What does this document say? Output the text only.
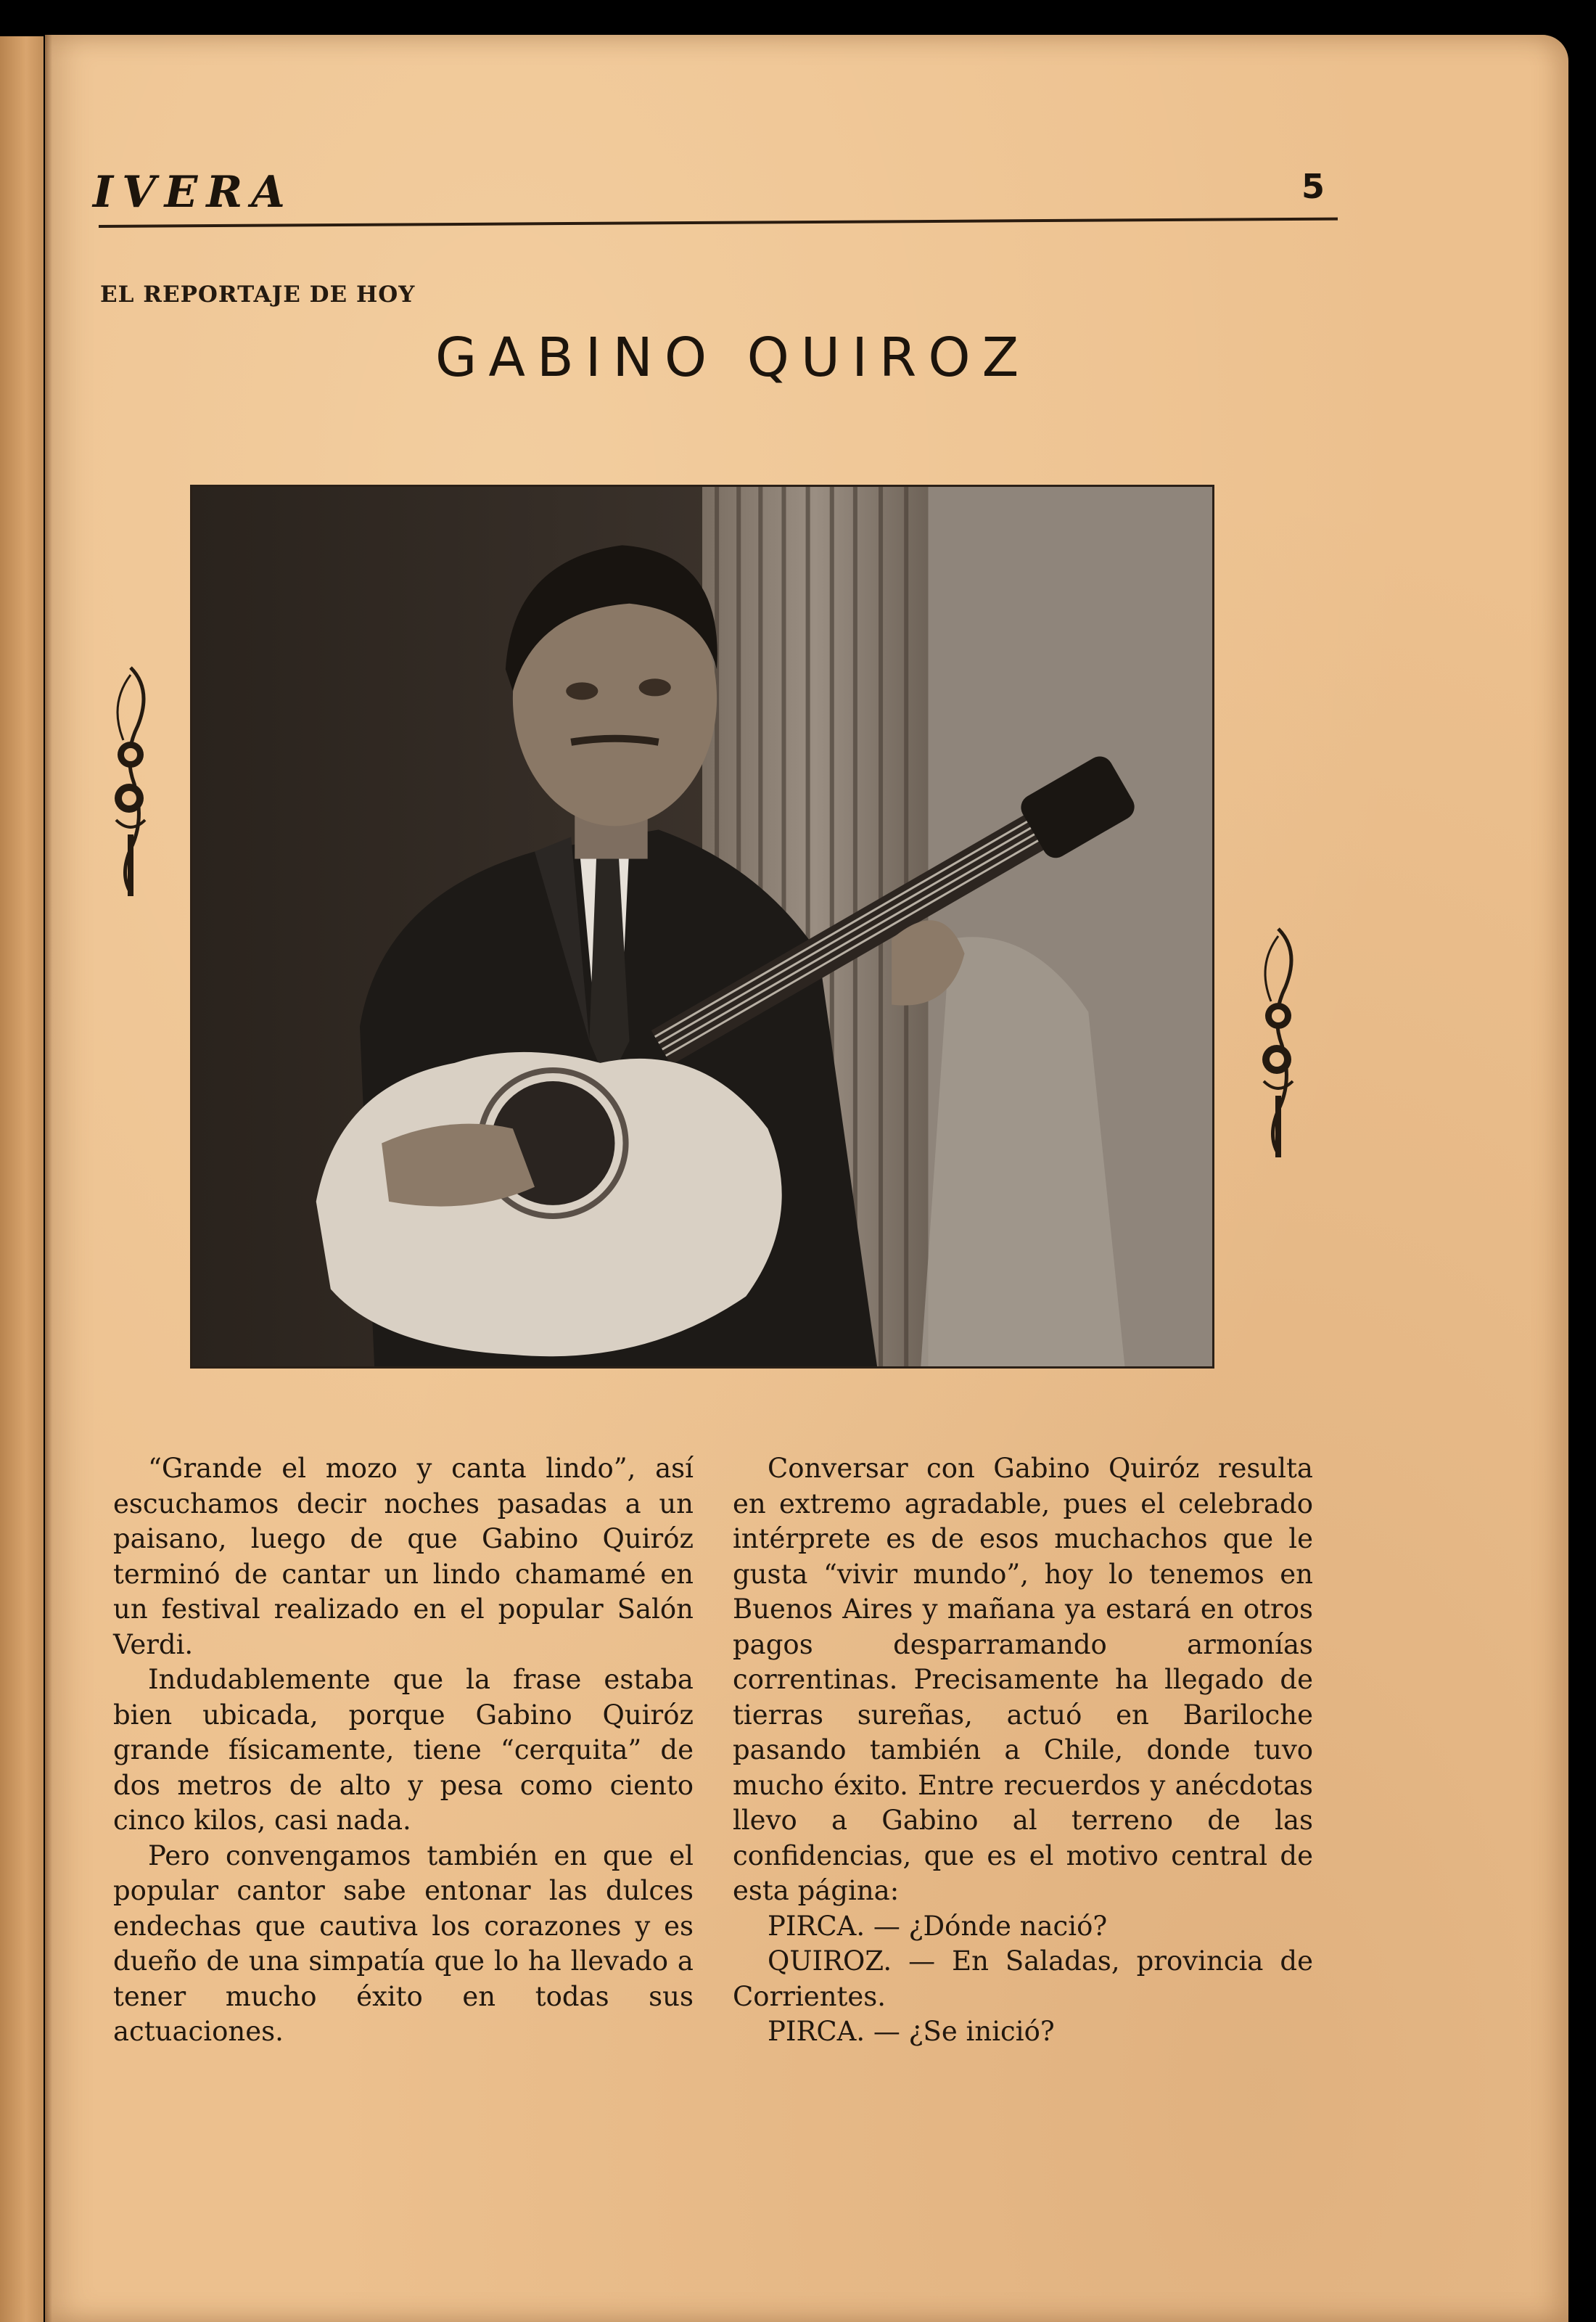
IVERA	5
EL REPORTAJE DE HOY
GABINO QUIROZ

“Grande el mozo y canta lindo”, así escuchamos decir noches pasadas a un paisano, luego de que Gabino Quiróz terminó de cantar un lindo chamamé en un festival realizado en el popular Salón Verdi.

Indudablemente que la frase estaba bien ubicada, porque Gabino Quiróz grande físicamente, tiene “cerquita” de dos metros de alto y pesa como ciento cinco kilos, casi nada.

Pero convengamos también en que el popular cantor sabe entonar las dulces endechas que cautiva los corazones y es dueño de una simpatía que lo ha llevado a tener mucho éxito en todas sus actuaciones.

Conversar con Gabino Quiróz resulta en extremo agradable, pues el celebrado intérprete es de esos muchachos que le gusta “vivir mundo”, hoy lo tenemos en Buenos Aires y mañana ya estará en otros pagos desparramando armonías correntinas. Precisamente ha llegado de tierras sureñas, actuó en Bariloche pasando también a Chile, donde tuvo mucho éxito. Entre recuerdos y anécdotas llevo a Gabino al terreno de las confidencias, que es el motivo central de esta página:

PIRCA. — ¿Dónde nació?

QUIROZ. — En Saladas, provincia de Corrientes.

PIRCA. — ¿Se inició?
